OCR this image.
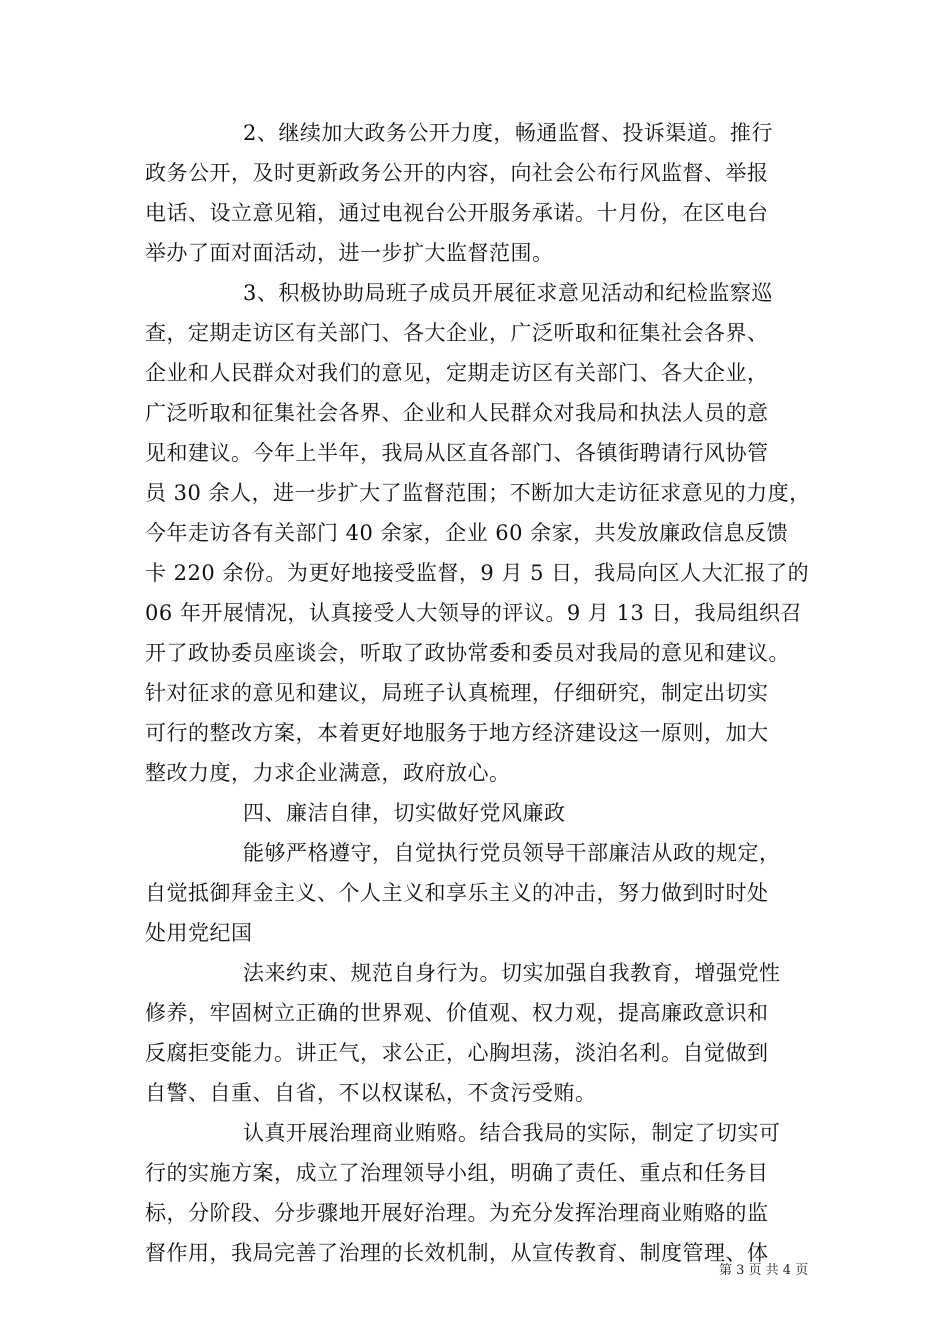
2、继续加大政务公开力度，畅通监督、投诉渠道。推行
政务公开，及时更新政务公开的内容，向社会公布行风监督、举报
电话、设立意见箱，通过电视台公开服务承诺。十月份，在区电台
举办了面对面活动，进一步扩大监督范围。
3、积极协助局班子成员开展征求意见活动和纪检监察巡
查，定期走访区有关部门、各大企业，广泛听取和征集社会各界、
企业和人民群众对我们的意见，定期走访区有关部门、各大企业，
广泛听取和征集社会各界、企业和人民群众对我局和执法人员的意
见和建议。今年上半年，我局从区直各部门、各镇街聘请行风协管
员 30 余人，进一步扩大了监督范围；不断加大走访征求意见的力度，
今年走访各有关部门 40 余家，企业 60 余家，共发放廉政信息反馈
卡 220 余份。为更好地接受监督，9 月 5 日，我局向区人大汇报了的
06 年开展情况，认真接受人大领导的评议。9 月 13 日，我局组织召
开了政协委员座谈会，听取了政协常委和委员对我局的意见和建议。
针对征求的意见和建议，局班子认真梳理，仔细研究，制定出切实
可行的整改方案，本着更好地服务于地方经济建设这一原则，加大
整改力度，力求企业满意，政府放心。
四、廉洁自律，切实做好党风廉政
能够严格遵守，自觉执行党员领导干部廉洁从政的规定，
自觉抵御拜金主义、个人主义和享乐主义的冲击，努力做到时时处
处用党纪国
法来约束、规范自身行为。切实加强自我教育，增强党性
修养，牢固树立正确的世界观、价值观、权力观，提高廉政意识和
反腐拒变能力。讲正气，求公正，心胸坦荡，淡泊名利。自觉做到
自警、自重、自省，不以权谋私，不贪污受贿。
认真开展治理商业贿赂。结合我局的实际，制定了切实可
行的实施方案，成立了治理领导小组，明确了责任、重点和任务目
标，分阶段、分步骤地开展好治理。为充分发挥治理商业贿赂的监
督作用，我局完善了治理的长效机制，从宣传教育、制度管理、体
第 3 页 共 4 页
